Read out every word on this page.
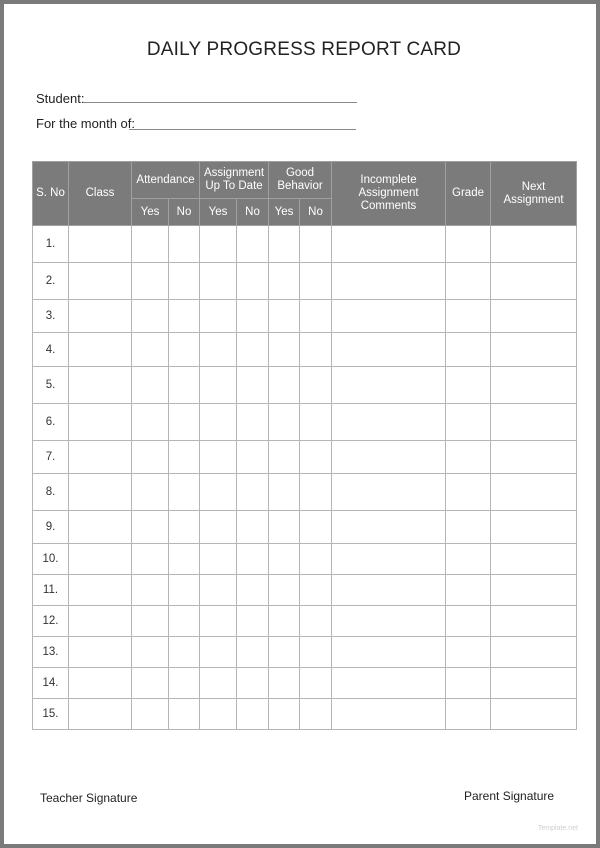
DAILY PROGRESS REPORT CARD
Student:
For the month of:
S. No	Class	Attendance		Assignment Up To Date		Good Behavior		Incomplete Assignment Comments	Grade	Next Assignment
		Yes	No	Yes	No	Yes	No			
1.										
2.										
3.										
4.										
5.										
6.										
7.										
8.										
9.										
10.										
11.										
12.										
13.										
14.										
15.										
Teacher Signature	Parent Signature
Template.net
